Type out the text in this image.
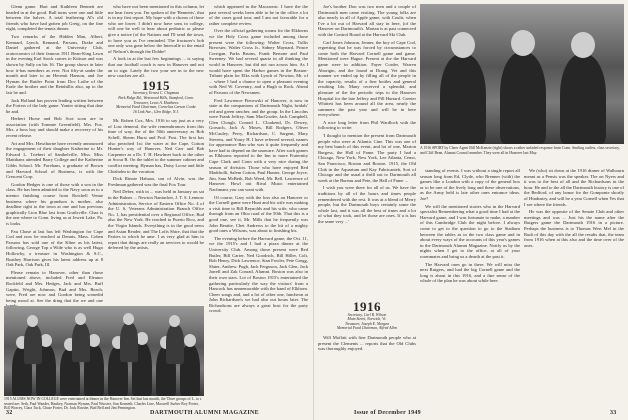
Glenn game. Hart and Kathleen Bennett are headed in at the good. Bull turns were one and little between the halves. A total feathering Al's old friends who have had gotten job Greig, on the fine eight, completed the tennis dinner.

Two remarks of the Hidden Man, Albert, Kennard, Lynch, Kennard, Parsons, Drake and Daniel gathered at the University Club, oratorcomics of their famous 1911 Bean-King Lawn in the evening Earl Stock comes to Kittson and was shown by Sally on his 16. The group shows in later how it-has members as ever. Not fifty-at under the month and later to an Herrmit Hanson, and Joe Hyman the Raider Point from Doc Lothe of the Earle the brother and the Reinhillis also, up to the fair he and.

Jack Holland has proven leading written between the Forters of the lady game. Yonter sitting that date he and.

Herbert Horse and Bob Scot soon are in association (with Tommie Greenfield). Mrs. Fox. Mrs. a boss boy and should make a recovery of his recent release.

Art and Mrs. Hawthorne have recently announced the engagement of their daughter Katherine to Mr. Edward L. Triebert of Sanibelville, Miss. Miss Mattthans attended Barry College and the Katherine Gibbs School. Mr. Foreham, a graduate of Brown and Harvard School of Business, is with the Crescent Corp.

Gordon Hedges is one of those with a son in the class. He has been admitted to the Navy soon as to a mentor finishing course from Rotchell Venue business where his grandson is mother, also deadline right to the town at one and has previous graphically Lion Blue last from Grailsville. Chas is the one where to Conn. living as at Jewett Lake, Pa. is looks.

Fau Chase at last has left Washington for Cape Cod and now be reached at Dennis, Mass. Cohen Parsons has sold one of the Kline as his latest, following, George Top a Wide who is as well Hugo Hollowby, a treasure in Washington & S.C., Boathey Harrison gives his latest address up at 8 Oak Park, Oak Park, Ill.

Please remain to Hanover, other than those mentioned above, included Fred and Eleanor Rockfeld and Mrs. Hedges, Jack and Mrs. Buff Gaptin, Wright, Johnson, Bud and Mrs. Beach, were, Fred are now and Gordon being somedid being mood at. See the dring that the we and one

who have not been mentioned in this column, let me hear from you. I'm spoken of the 'Bennetts', that is in my first report. My hope with a chorus of those who are lower. I didn't now have sons in college, will one be well to hear about pediatric or please give a notice (of the Nations and I'll send the town, to have you as I've reminded. The fracturer's bob one only was gone below the Intercalle to the entail of Nelson's through the Dobbe!

A look in at the last few beginnings ... is saying that our football coach is now in Hanover and not an to sign. Lately the two your see in to the new new coaches are all.

1915
Secretary, Ernest C. Chapman
Park Ridge Rd., Westwood Hills, Stamford, Conn.
Treasurer, Lewis A. Matthews
Memorial Fund Chairman, Cornelius Carson Cooke
16 Link Ave., Glen Ridge, N.J.

Mr. Robert Cox, Mrs. 1916 to say just as a very of Lost demeral, the wife remembrances from this time of way, the of the 50th anniversary as Bob Schell, Sherm Hurst and Prof. Post. The first has also preached 1st: the water at the Cape, Cotton Hunter's way of Hanover, Ned Carr and Bab Carpenter as a Dr. T. H. Hawlmer back to the other at Scout B. On the tablet to the summer cabinet and conflict meeting. Hyman has, Daisy Loose and little Chisholm to the vacation.

Dick Rinnie Hahaaa, son of Alvin, was the Freshman gathered was the final Fox Tour.

Neil Deber, with in ... was held in January on sat in the Bulnes ... Newton Nantucket, J. T. S. Lennow Administration, Service of Eastern Office No. 4 of the U. S. Veterans Administration Branch Office No. 1, has presidential over a Regional Office, Bud also the New York. He reached to Puerto Rico, and the Virgin Islands. Everything is in the good news and Asian Reader, and The Lofts Shire, that that the Parties to which he ame. I as very glad at him to report that things are really an services to would be deferred by the artists.

which appeared in the Macaronic. I have the the past several weeks been able to be in the office a lot of the cases good tour, and I am not favorable for a rather complete review.

Over the official gathering rooms for the Elkhorns we the Holy Cross game included among those present were the following: Walter Cross, Tullis Brewster, Walter Cross Jr., Sidney Maynard, Prince Corrigan, Parks Bruins, Frank Bertone and Paul Sweeney. We had several quartz in all thinking the world in Hanover, but did not run across him. As I would have spent the Harbor games in the Boston-Tribute plain for Elks with Lynch of Newton, Mr. of ... where I had a chance to open a pleasant evening with Ned W. Coventry, and a Hugh to Rock. Ahead of Parsons of the Newsmen.

Fred Lawrence Pierowski of Hanover, is now in state at the companions of Dartmouth Night, bridals' red and green rancher, and the group. In the Lincolns were Frank Jeffrey, Sam MacGroder, Jack Campbell, Glen Clough, Conrad L. Cloakend, Dr. Dewey, Gorsuch, Jack A. Moses, Bill Rodgers, Oliver McCauley, Perry, Richardson, C. Sargent, Mary Stevens, and Youry H. I have referred several, names for appearance Ban who was it quite frequently and have had to depend on the unaware. After such games as Elkhorns reported to the Inn to more Fraternity Cape Clark and Conn with a very nice during the season of division. Those who have enjoyed Red Maddrolli, Salem Cotton, Paul Hunter, George Joyce, Jim, Sam McBeth, Bob Weed, Mr. Bell. Lawrence of Hanover. Howl out Rival Music entertained Nachmans you can want with.

Of course, Gary with the loss also on Hanover or the Cornell game were Hunt and his wife was making a visit time to Bill Reynolds and his wife, who came through from an Ohio road of the 50th. That this is a good one, see it, Mr. Mills that he frequently was John Beattie, Chet Andrews to the bit of a mighty good ones a Wilsons, was about to finishing his.

The evening before the Harvard game, the Oct. 11, we the 1915's and I had a pizza dinner at the University Club. Among those present were Red Butler, Bill Carter, Ned Goodrich, Bill Hiller, Colt, Bob Henry, Dick Lawrence, Stan Fowler, Pete Gregg, Slater, Andrew. Pugh, Jack Ferguson, Jack Glen, Jack Jarrell and Zak Conrad, Alumni. Boston was also in their own stars. Lot of Boston 1915's entertained the gathering particularly the way the visitors' from a Hancock has unmemorable with the band of Elkhorn. Cheer songs and, and a lot of other one, luncheon at John Richardson's we had also out hours later. The Richardsons are always a great host for the party crowd.

1915 ALUMS NOW IN COLLEGE were entertained at dinner in the Hanover Inn. Set that last month, the 'Dave groups of L. to r. seated are: Seth, Paul Wander, Hankey, Norman Wyman, Paul Wurster, Sun Kenneth. Charles Line, Maxwell Surber Roy Porter, Bill Worcey, Clara Tuck, Chase Porter, Dr. Jack Rossbe, Bud Bell and Jim Pennington.
32	DARTMOUTH ALUMNI MAGAZINE

Joe's brother Don was two men and a couple of Dartmouth men came visiting. The young folks are also nearly in all of Apple game, with Coulir, when I've a lot out of Harvard all stay in here, (of the Hanover on Dartmouth's. Marian is at past connected with the Control Board at the Harvard Ski Club.

Carl Jones Johnson, Jenner, the boy of Cape Cod, regretting that he was forced by circumstances to come both the Harvard Cornell game and game. Mentioned were Hague. Present at the the Harvard game were in addition. Fayer Corder, Warren Aborigin, and the found at Drang. Vet and this manner we ended up by filling all of the people in the capacity, results of a fine bottles and general resulting Ida. Many received a splendid, and pleasure of the the periodic trips to the Hanover Hospital for the late Jeffery and Pill Hurtard. Creeter Whittett has been around all the area, nearly the summers the past year and will be in here everywhere.

A nice long letter from Phil Wardlock with the following to write:

'I thought to mention the present from Dartmouth people who were at Atlantic Cine. This was one of my best bunch of this event, and lot of one, Marion Burgess, the Hall of Fame. The party I had a Chicago, New York, New York, Lee Atlanta, Cemo, San Francisco, Boston and Boston. 1915, the Old Club in the Aquarium and Kay Fabricanteh, Sort of Chicago and the usual a thrill out to Dartmouth all week at the Bureau and Pete, the Hall of Fame ...

I wish you were there for all of us. We have the traditions by all of the hours and times people remembered with the rest. It was at a blend of Merry people, but the Dartmouth boys certainly some the whole last, and it was all the best of times and a lot of what they took, and let those are ones. If a is has the same very ...'

1916
Secretary, Carl R. Wilson
Main Street, Norwich, Vt.
Treasurer, Joseph E. Morgan
Memorial Fund Chairman, Alfred Allen

Will Moffatt with fine Dartmouth people who at present the Clements ... reports that the Old Clubs was thoroughly enjoyed.

A 1916 SPORT by Cheer Agent Bill McKenzie (right) shows a rather unfaded response from Conn. Smiling outlets, class secretary, and Cliff Bean, Alumni Council member. They were all in Hanover last May.

standing of events. I was without a single report all season long from Ed, Clyde, who Brenner (with) the games like a London with a copy of the general box or to be one of the lively long and these observations, as the Army held is late other ones entrance ideas. Joe?

We will the mentioned stories who in the Harvard specialist Remembering what a good time I had at the Harvard game, and I was fortunate to make, a number of this Cambridge Club the night before. I always come to get to the question to go to the Stadium between the tables as in the two class game and in about every ways of the accounts of this year's games in the Dartmouth Alumni Magazine. Notify us by the nights when I get to the office, at all of your roommates and bring us a dearth at the past it.

The Harvard ones go in there. We will miss the next Rutgers, and had the big Cornell game and the long is about in this 1916, and a fine sense of the whole of the plan he was about while here.

We (who) sit down at the 1916 dinner of Walbourn meant as a Pensis was the speaker. The on Nyers and it was to the best of all and the Richardsons in the hour. He and to the all the Dartmouth history is one of the Bedford, of any honor for the Gomponte shortly of Hindustry, and will be a year Cornell when Yes that I see where the friends.

He was the opposite of the Senate Club and other meetings and was ... Just his the name after the Rutgers game the Dartmouth 1916 in a picture. Perhaps the business is to Thomas West Mel in the Rudi of this day with the all the results that, the team from 1916 when at this also and the time over of the ones.

Issue of December 1949	33
